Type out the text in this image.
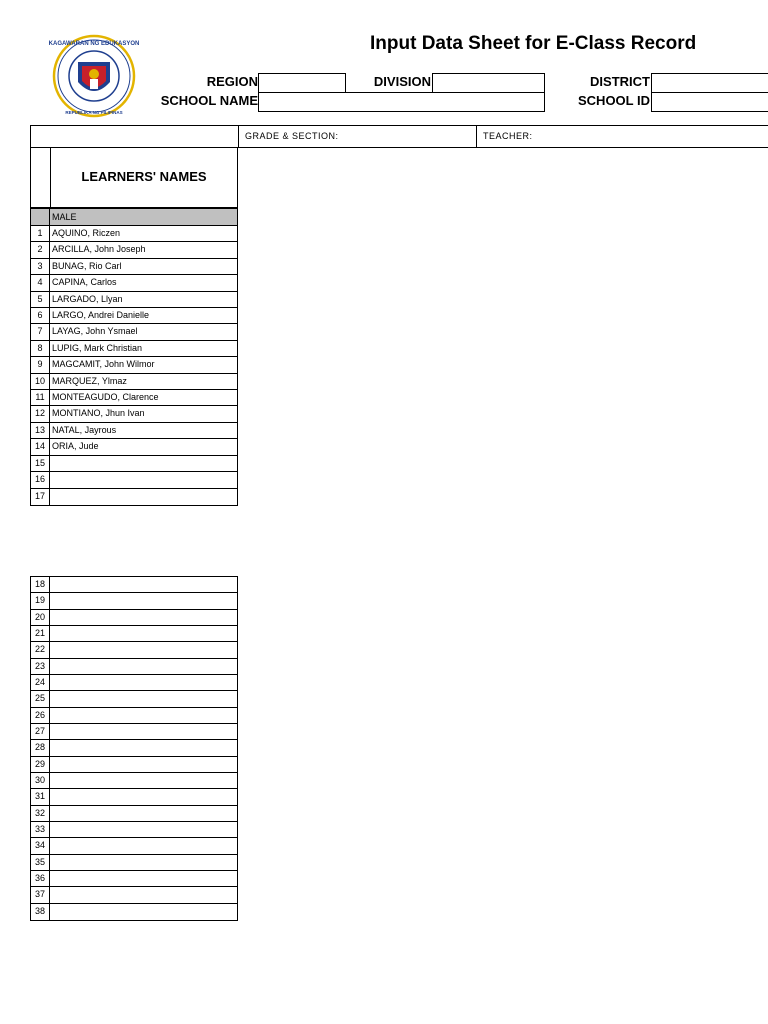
KAGAWARAN NG EDUKASYON
REPUBLIKA NG PILIPINAS
Input Data Sheet for E-Class Record
REGION	DIVISION	DISTRICT
SCHOOL NAME	SCHOOL ID
GRADE & SECTION:	TEACHER:
LEARNERS' NAMES
MALE
1	AQUINO, Riczen
2	ARCILLA, John Joseph
3	BUNAG, Rio Carl
4	CAPINA, Carlos
5	LARGADO, Llyan
6	LARGO, Andrei Danielle
7	LAYAG, John Ysmael
8	LUPIG, Mark Christian
9	MAGCAMIT, John Wilmor
10 MARQUEZ, Ylmaz
11 MONTEAGUDO, Clarence
12 MONTIANO, Jhun Ivan
13 NATAL, Jayrous
14 ORIA, Jude
15
16
17
18
19
20
21
22
23
24
25
26
27
28
29
30
31
32
33
34
35
36
37
38
